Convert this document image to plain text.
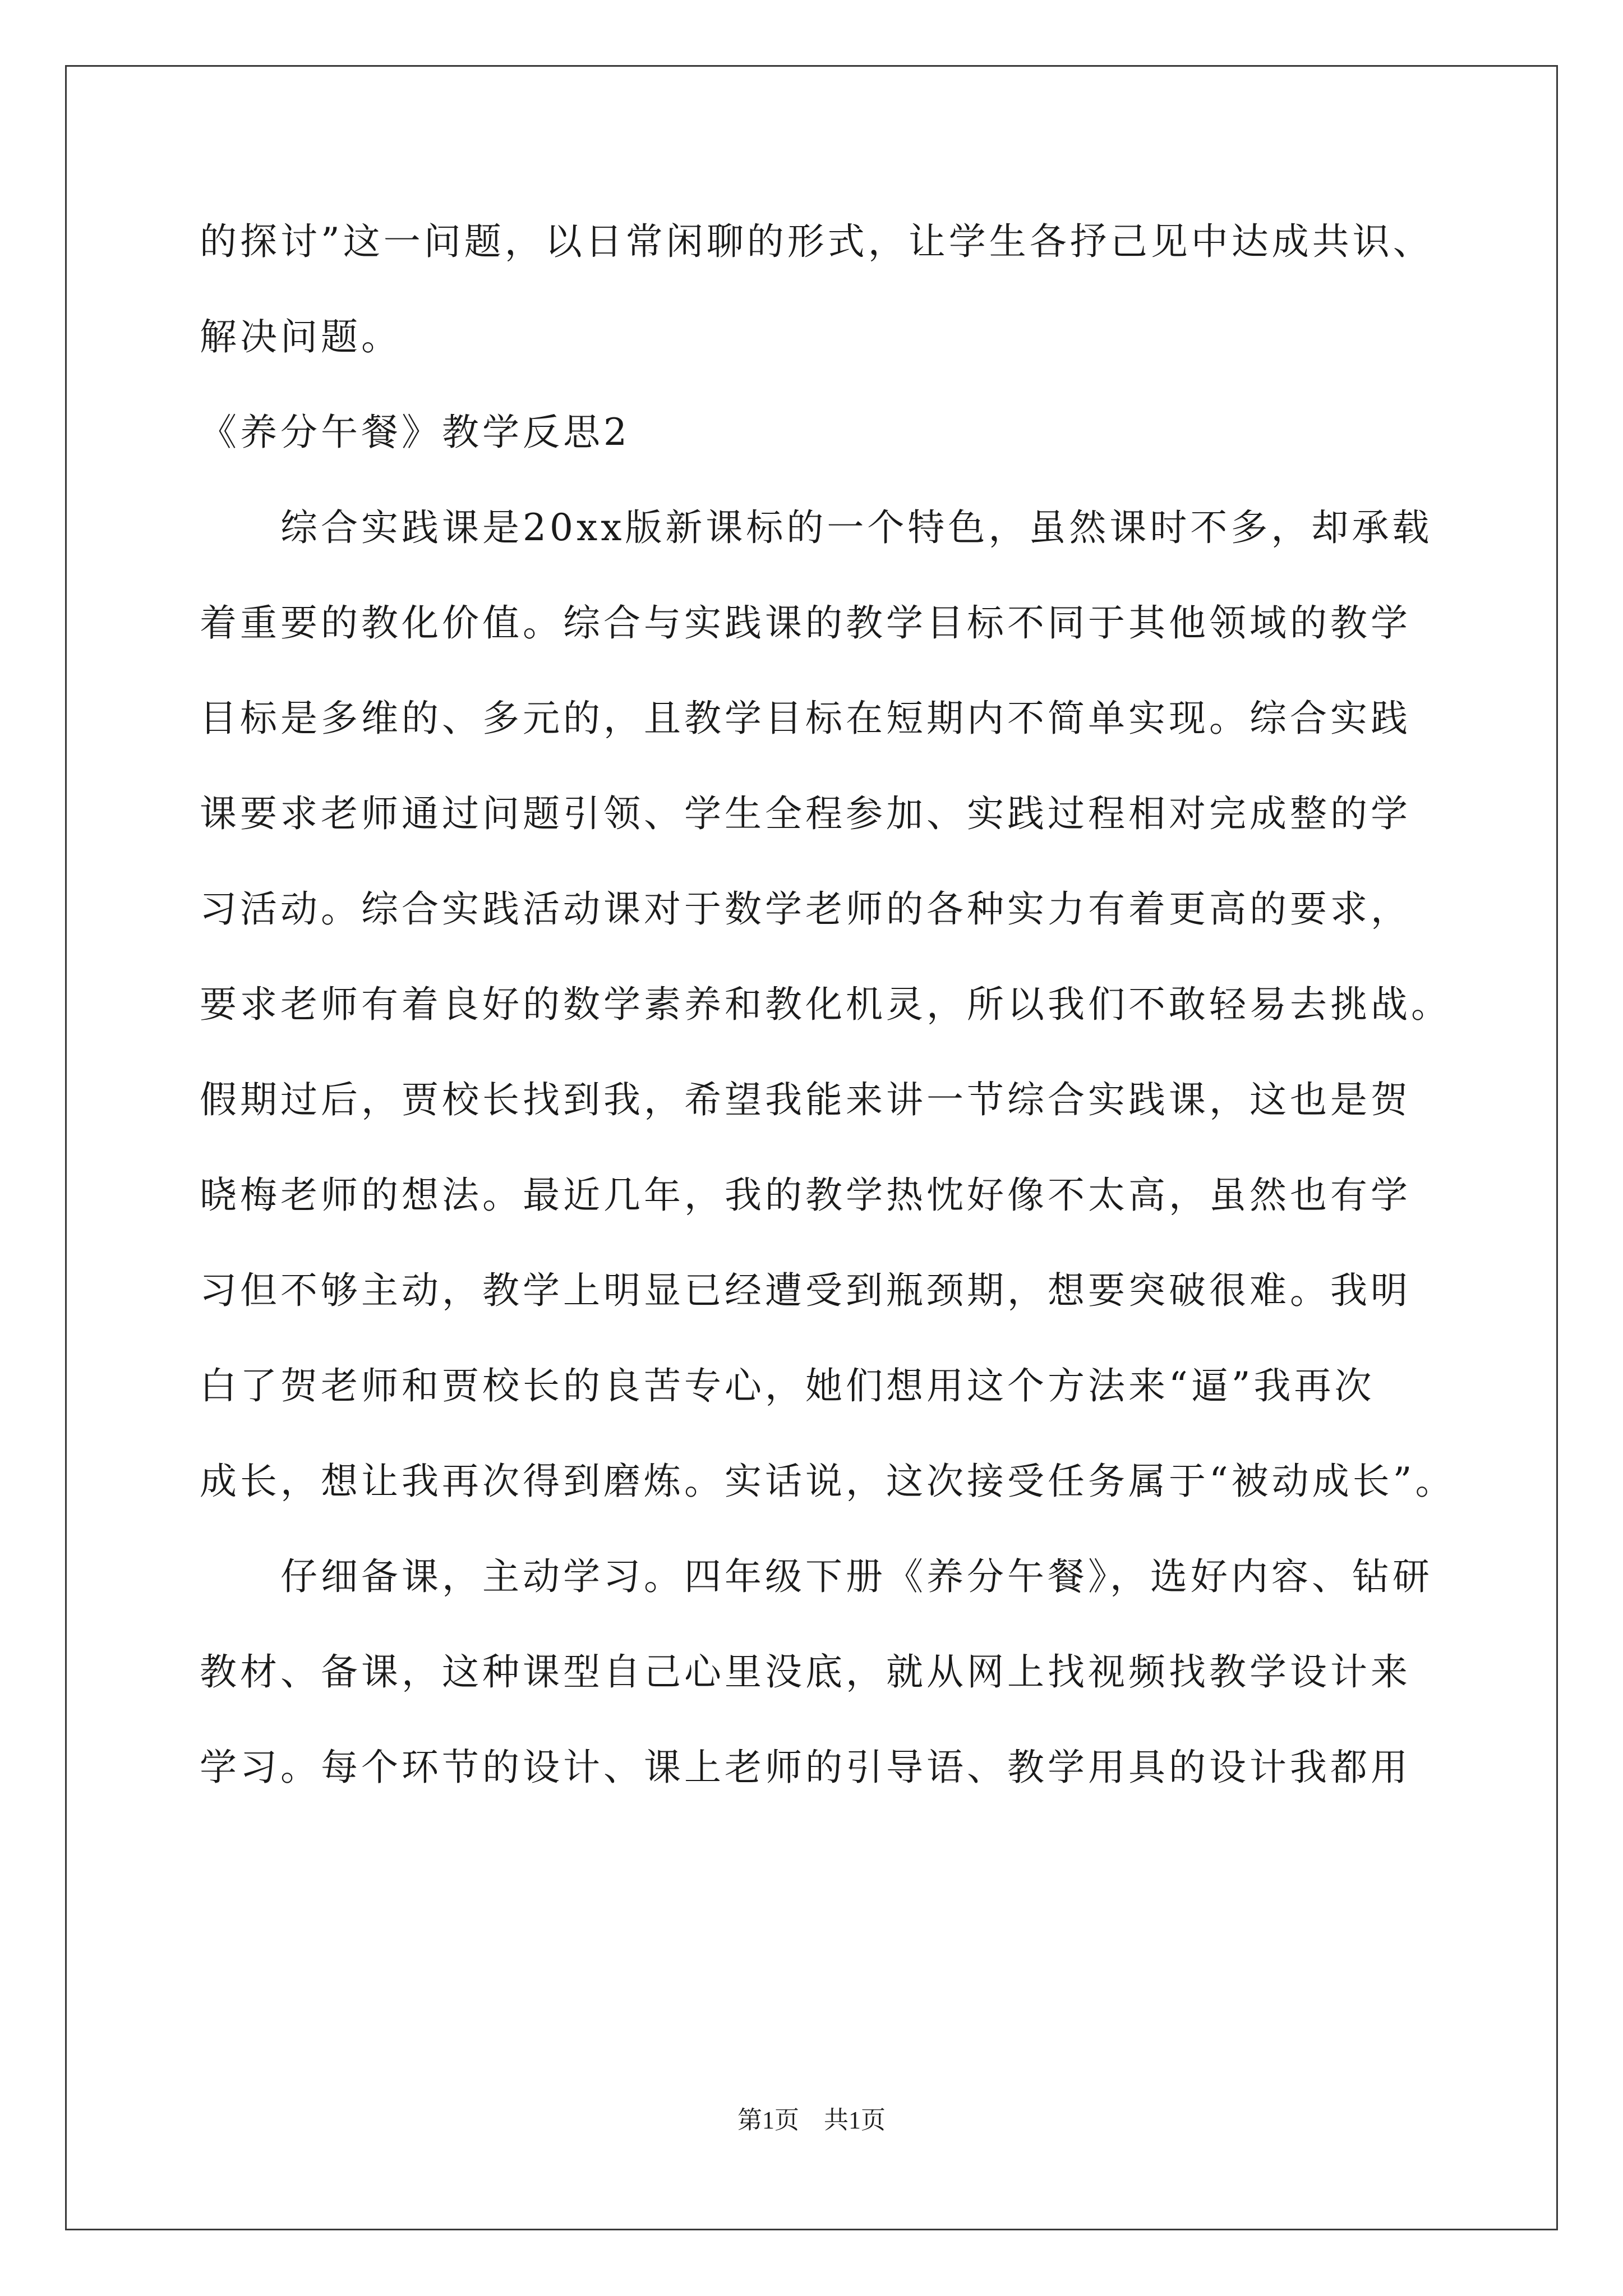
的探讨”这一问题，以日常闲聊的形式，让学生各抒己见中达成共识、
解决问题。
《养分午餐》教学反思2
综合实践课是20xx版新课标的一个特色，虽然课时不多，却承载
着重要的教化价值。综合与实践课的教学目标不同于其他领域的教学
目标是多维的、多元的，且教学目标在短期内不简单实现。综合实践
课要求老师通过问题引领、学生全程参加、实践过程相对完成整的学
习活动。综合实践活动课对于数学老师的各种实力有着更高的要求，
要求老师有着良好的数学素养和教化机灵，所以我们不敢轻易去挑战。
假期过后，贾校长找到我，希望我能来讲一节综合实践课，这也是贺
晓梅老师的想法。最近几年，我的教学热忱好像不太高，虽然也有学
习但不够主动，教学上明显已经遭受到瓶颈期，想要突破很难。我明
白了贺老师和贾校长的良苦专心，她们想用这个方法来“逼”我再次
成长，想让我再次得到磨炼。实话说，这次接受任务属于“被动成长”。
仔细备课，主动学习。四年级下册《养分午餐》，选好内容、钻研
教材、备课，这种课型自己心里没底，就从网上找视频找教学设计来
学习。每个环节的设计、课上老师的引导语、教学用具的设计我都用
第1页　共1页
